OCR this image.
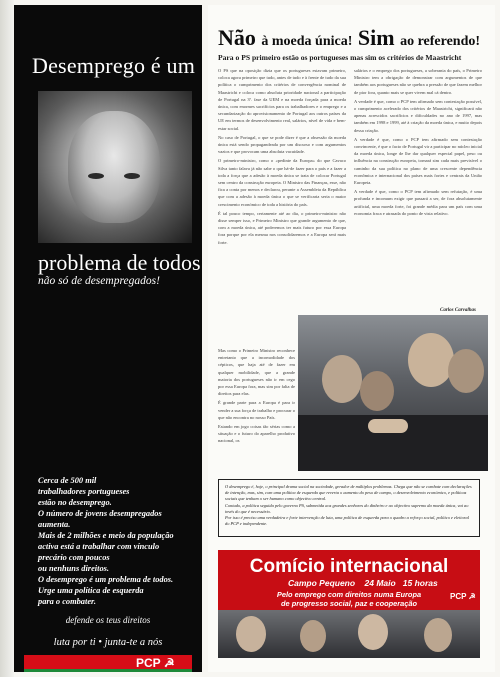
Desemprego é um
problema de todos
não só de desempregados!

Cerca de 500 mil

trabalhadores portugueses

estão no desemprego.

O número de jovens desempregados

aumenta.

Mais de 2 milhões e meio da população

activa está a trabalhar com vínculo

precário com poucos

ou nenhuns direitos.

O desemprego é um problema de todos.

Urge uma política de esquerda

para o combater.

defende os teus direitos
luta por ti • junta-te a nós
PCP ☭
Não à moeda única! Sim ao referendo!
Para o PS primeiro estão os portugueses mas sim os critérios de Maastricht

O PS que na oposição dizia que os portugueses estavam primeiro, coloca agora primeiro que tudo, antes de tudo e à frente de tudo da sua política o cumprimento dos critérios de convergência nominal de Maastricht e coloca como absoluta prioridade nacional a participação de Portugal na 3ª. fase da UEM e na moeda forçada para a moeda única, com enormes sacrifícios para os trabalhadores e o emprego e a secundarização do aprovisionamento de Portugal aos outros países da UE em termos de desenvolvimento real, salários, nível de vida e bem-estar social.

No caso de Portugal, o que se pode dizer é que a obsessão da moeda única está sendo propagandeada por um discurso e com argumentos vazios e que provocam uma absoluta vacuidade.

O primeiro-ministro, como o «pedinte da Europa» do que Cavaco Silva tanto falava já não sabe o que há-de fazer para o país e a fazer a toda a força que a adesão à moeda única se trata de colocar Portugal sem centro da construção europeia. O Ministro das Finanças, esse, não fica a conta por menos e declarou, perante a Assembleia da República que com a adesão à moeda única o que se verificaria seria o maior crescimento económico de toda a história do país.

É tal pouco tempo, certamente até ao dia, o primeiro-ministro não disse semper isso, e Primeiro Ministro que grande argumento de que, com a moeda única, até poderemos ter mais futuro por essa Europa fora porque por ela mesma nos consolidaremos e a Europa será mais forte.

Mas como o Primeiro Ministro reconhece entretanto que a incomodidade dos cépticos, que haja até de fazer em qualquer mobilidade, que a grande maioria dos portugueses não ir em cego por essa Europa fora, mas sim por falta de direitos para elas.

É grande parte para a Europa é para ir vender a sua força de trabalho e procurar o que não encontra no nosso País.

Estando em jogo coisas tão sérias como a situação e o futuro do aparelho produtivo nacional, os

salários e o emprego dos portugueses, a soberania do país, o Primeiro Ministro tem a obrigação de demonstrar com argumentos de que também aos portugueses não se quebra a pressão de que fazem melhor de pior fora, quanto mais se quer vivem mal cá dentro.

A verdade é que, como o PCP tem afirmado sem contestação possível, o cumprimento acelerado dos critérios de Maastricht, significará não apenas acrescidos sacrifícios e dificuldades no ano de 1997, mas também em 1998 e 1999, até à criação da moeda única, e muito depois dessa criação.

A verdade é que, como o PCP tem afirmado sem contestação convincente, é que o facto de Portugal vir a participar no núcleo inicial da moeda única, longe de lhe dar qualquer especial papel, peso ou influência na construção europeia, tornará sim cada mais previsível o caminho da sua política no plano de uma crescente dependência econômica e internacional dos países mais fortes e centrais da União Europeia.

A verdade é que, como o PCP tem afirmado sem refutação, é uma profunda e incomum exigir que passará a ser, de fora absolutamente artificial, uma moeda forte, foi grande média para um país com uma economia fraca e atrasada do ponto de vista relativo.

Carlos Carvalhas

O desemprego é, hoje, o principal drama social na sociedade, gerador de múltiplos problemas. Chega que não se combate com declarações de intenção, mas, sim, com uma política de esquerda que reverta o aumento do peso de campo, o desenvolvimento económico, e políticas sociais que tenham o ser humano como objectivo central.

Contudo, a política seguida pelo governo PS, submetida aos grandes senhores do dinheiro e ao objectivo supremo da moeda única, vai ao invés do que é necessário.

Por isso é preciso uma verdadeira e forte intervenção de luta, uma política de esquerda para o quadro a reforço social, político e eleitoral do PCP e independente.

Comício internacional
Campo Pequeno 24 Maio 15 horas
Pelo emprego com direitos numa Europa
de progresso social, paz e cooperação
PCP ☭
